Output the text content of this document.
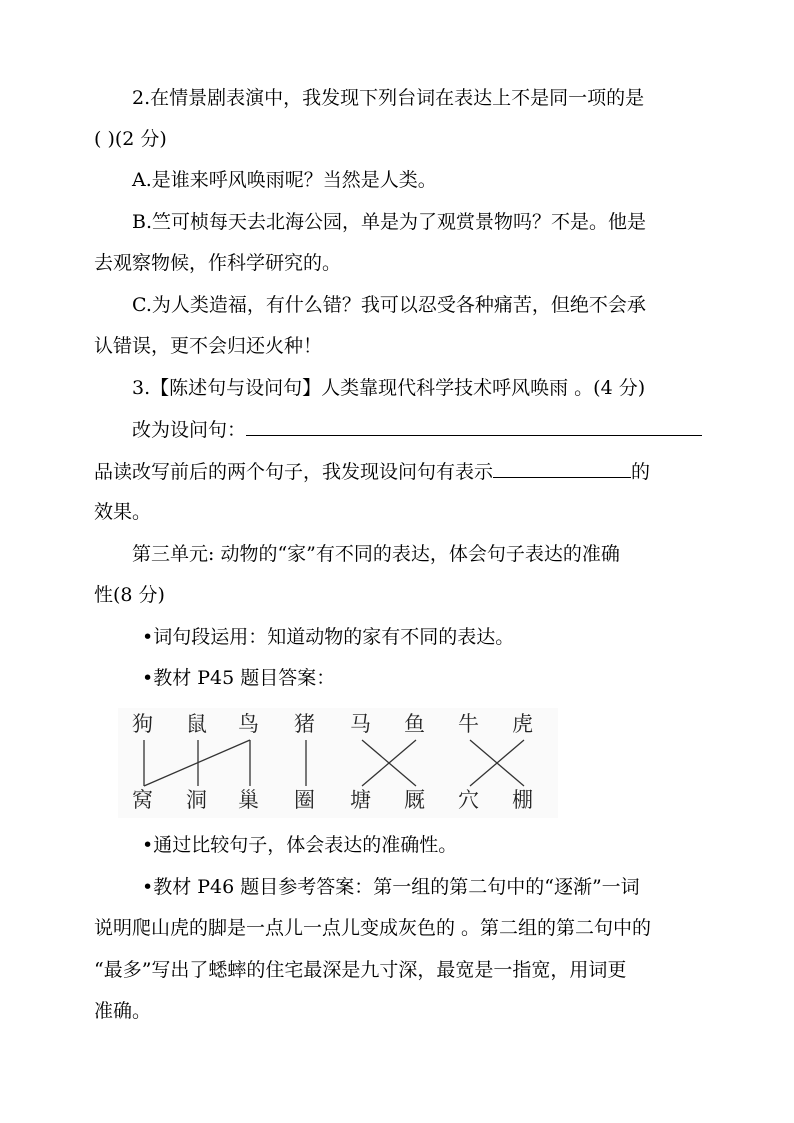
2.在情景剧表演中，我发现下列台词在表达上不是同一项的是
( )(2 分)
A.是谁来呼风唤雨呢？当然是人类。
B.竺可桢每天去北海公园，单是为了观赏景物吗？不是。他是
去观察物候，作科学研究的。
C.为人类造福，有什么错？我可以忍受各种痛苦，但绝不会承
认错误，更不会归还火种！
3.【陈述句与设问句】人类靠现代科学技术呼风唤雨 。(4 分)
改为设问句：
品读改写前后的两个句子，我发现设问句有表示	的
效果。
第三单元: 动物的“家”有不同的表达，体会句子表达的准确
性(8 分)
•词句段运用：知道动物的家有不同的表达。
•教材 P45 题目答案：
狗 鼠 鸟 猪 马 鱼 牛 虎
窝 洞 巢 圈 塘 厩 穴 棚
•通过比较句子，体会表达的准确性。
•教材 P46 题目参考答案：第一组的第二句中的“逐渐”一词
说明爬山虎的脚是一点儿一点儿变成灰色的 。第二组的第二句中的
“最多”写出了蟋蟀的住宅最深是九寸深，最宽是一指宽，用词更
准确。
